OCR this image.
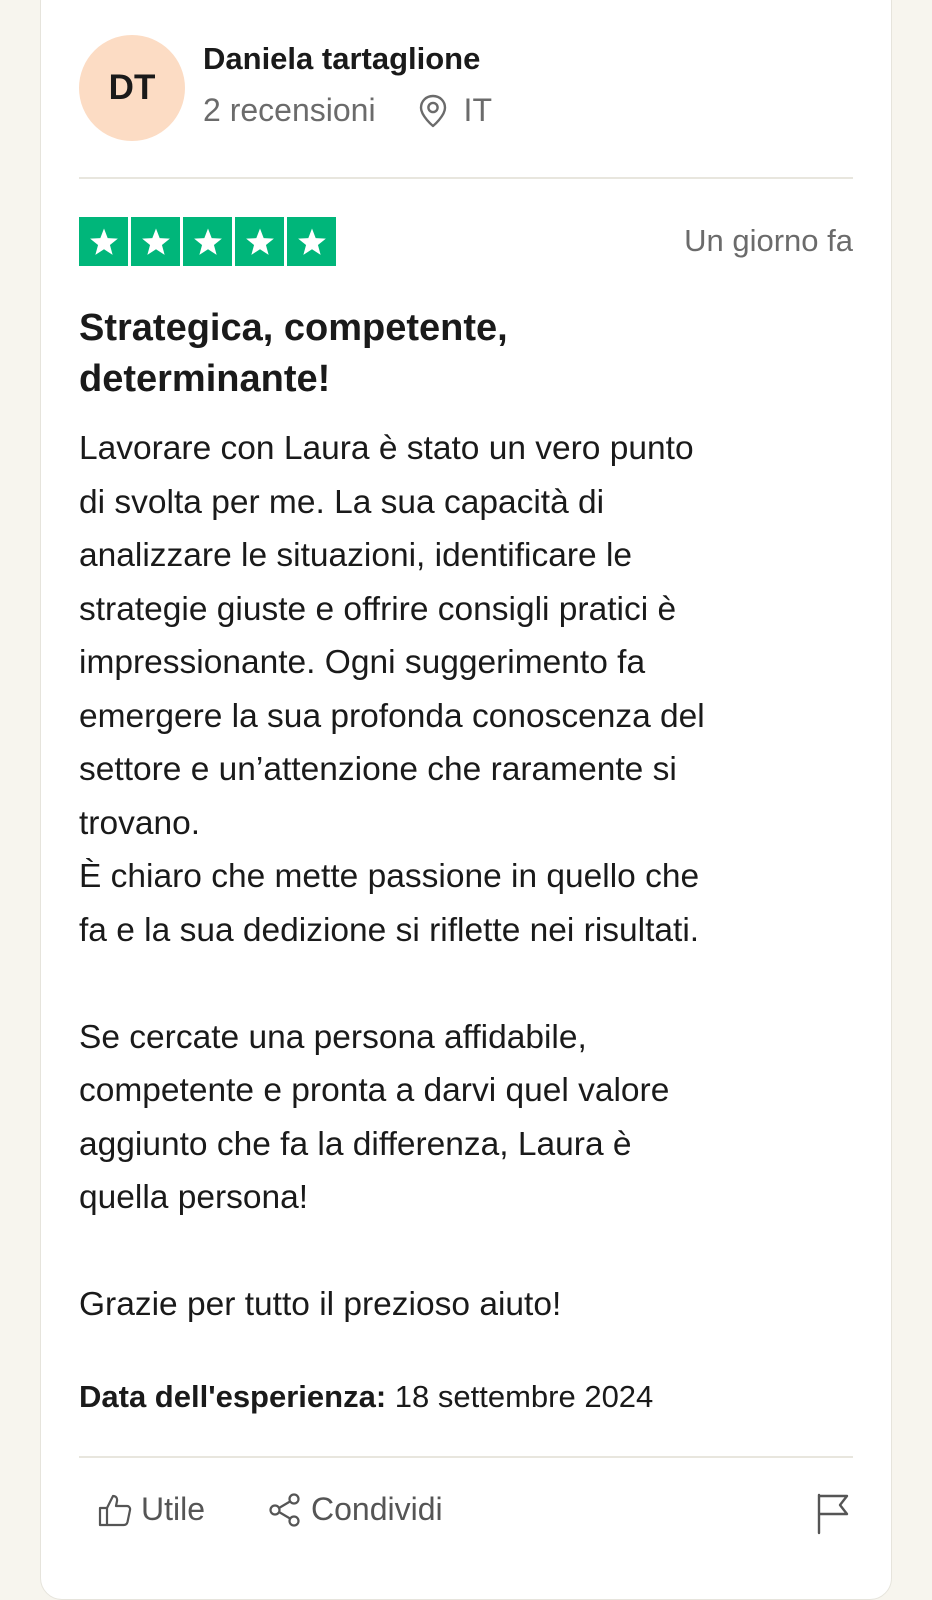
DT
Daniela tartaglione
2 recensioni	IT
Un giorno fa
Strategica, competente,
determinante!
Lavorare con Laura è stato un vero punto
di svolta per me. La sua capacità di
analizzare le situazioni, identificare le
strategie giuste e offrire consigli pratici è
impressionante. Ogni suggerimento fa
emergere la sua profonda conoscenza del
settore e un’attenzione che raramente si
trovano.
È chiaro che mette passione in quello che
fa e la sua dedizione si riflette nei risultati.
Se cercate una persona affidabile,
competente e pronta a darvi quel valore
aggiunto che fa la differenza, Laura è
quella persona!
Grazie per tutto il prezioso aiuto!
Data dell'esperienza: 18 settembre 2024
Utile	Condividi
